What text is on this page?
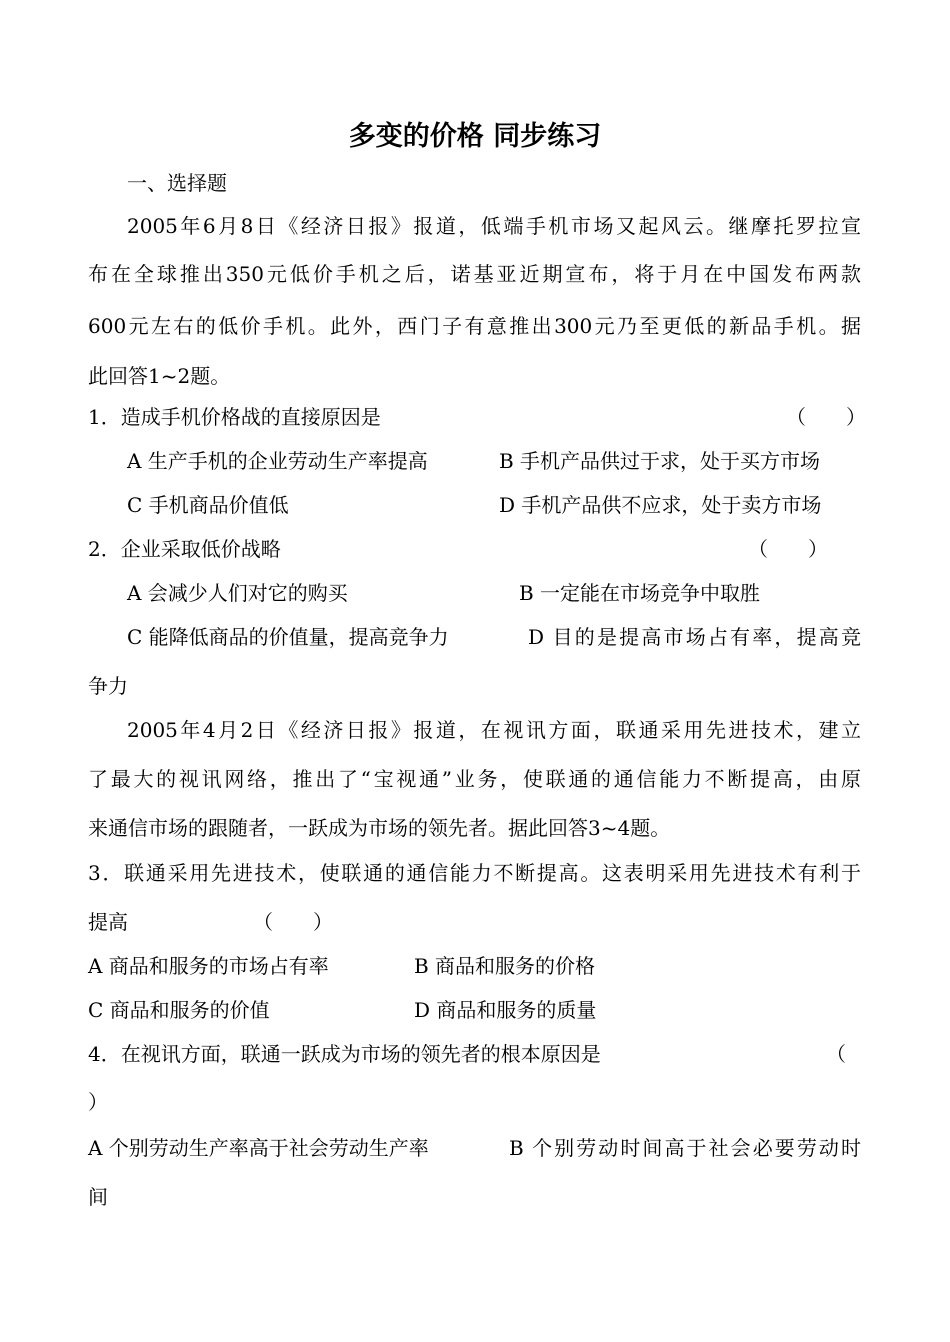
多变的价格 同步练习
一、选择题
2005年6月8日《经济日报》报道，低端手机市场又起风云。继摩托罗拉宣
布在全球推出350元低价手机之后，诺基亚近期宣布，将于月在中国发布两款
600元左右的低价手机。此外，西门子有意推出300元乃至更低的新品手机。据
此回答1~2题。
1．造成手机价格战的直接原因是	（　　）
A 生产手机的企业劳动生产率提高	B 手机产品供过于求，处于买方市场
C 手机商品价值低	D 手机产品供不应求，处于卖方市场
2．企业采取低价战略	（　　）
A 会减少人们对它的购买	B 一定能在市场竞争中取胜
C 能降低商品的价值量，提高竞争力	D 目的是提高市场占有率，提高竞
争力
2005年4月2日《经济日报》报道，在视讯方面，联通采用先进技术，建立
了最大的视讯网络，推出了“宝视通”业务，使联通的通信能力不断提高，由原
来通信市场的跟随者，一跃成为市场的领先者。据此回答3~4题。
3．联通采用先进技术，使联通的通信能力不断提高。这表明采用先进技术有利于
提高	（　　）
A 商品和服务的市场占有率	B 商品和服务的价格
C 商品和服务的价值	D 商品和服务的质量
4．在视讯方面，联通一跃成为市场的领先者的根本原因是	（
）
A 个别劳动生产率高于社会劳动生产率	B 个别劳动时间高于社会必要劳动时
间
